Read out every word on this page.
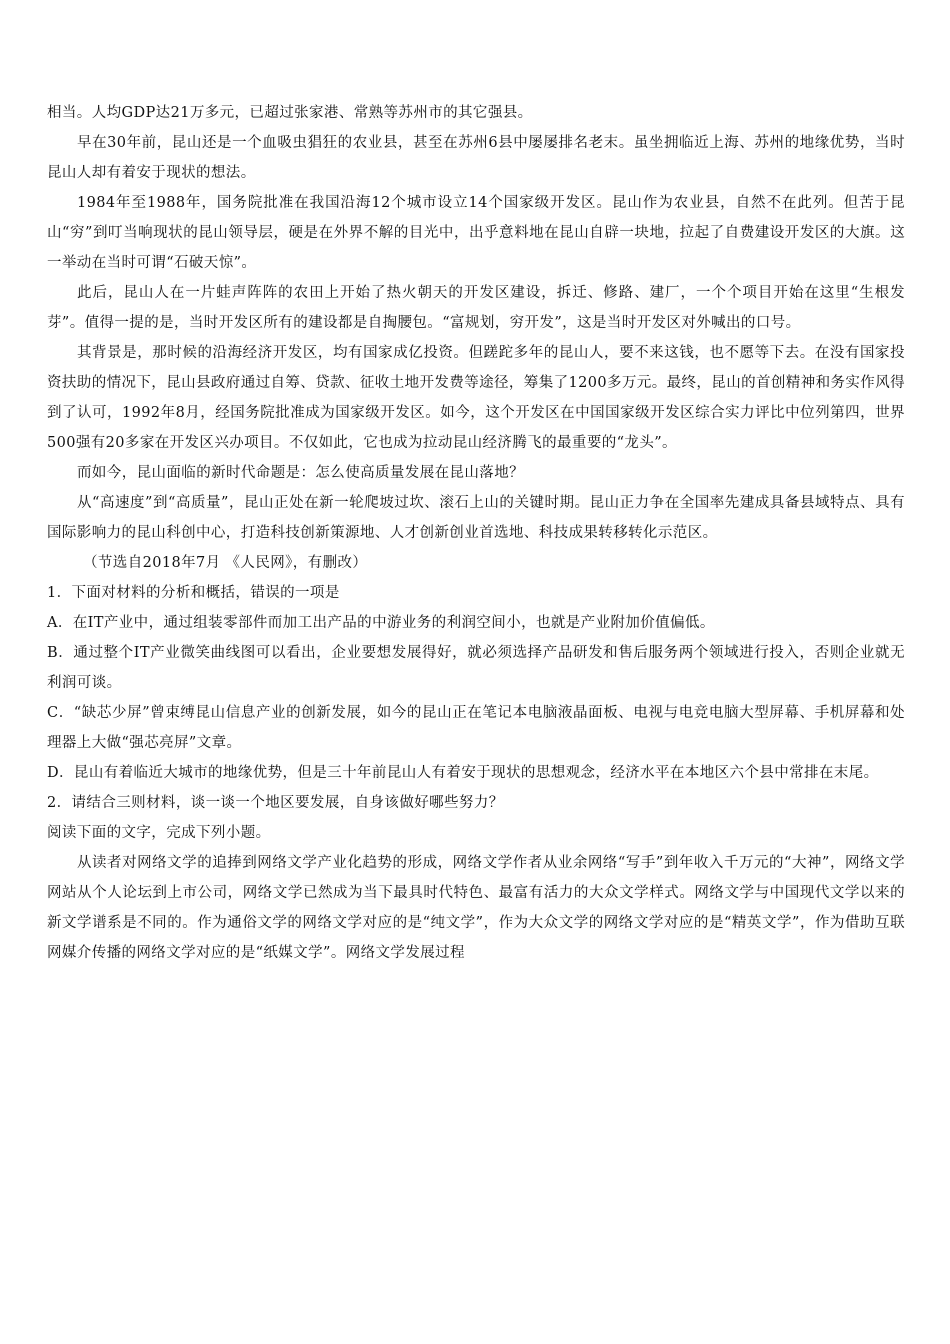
相当。人均GDP达21万多元，已超过张家港、常熟等苏州市的其它强县。

早在30年前，昆山还是一个血吸虫猖狂的农业县，甚至在苏州6县中屡屡排名老末。虽坐拥临近上海、苏州的地缘优势，当时昆山人却有着安于现状的想法。

1984年至1988年，国务院批准在我国沿海12个城市设立14个国家级开发区。昆山作为农业县，自然不在此列。但苦于昆山“穷”到叮当响现状的昆山领导层，硬是在外界不解的目光中，出乎意料地在昆山自辟一块地，拉起了自费建设开发区的大旗。这一举动在当时可谓“石破天惊”。

此后，昆山人在一片蛙声阵阵的农田上开始了热火朝天的开发区建设，拆迁、修路、建厂，一个个项目开始在这里“生根发芽”。值得一提的是，当时开发区所有的建设都是自掏腰包。“富规划，穷开发”，这是当时开发区对外喊出的口号。

其背景是，那时候的沿海经济开发区，均有国家成亿投资。但蹉跎多年的昆山人，要不来这钱，也不愿等下去。在没有国家投资扶助的情况下，昆山县政府通过自筹、贷款、征收土地开发费等途径，筹集了1200多万元。最终，昆山的首创精神和务实作风得到了认可，1992年8月，经国务院批准成为国家级开发区。如今，这个开发区在中国国家级开发区综合实力评比中位列第四，世界500强有20多家在开发区兴办项目。不仅如此，它也成为拉动昆山经济腾飞的最重要的“龙头”。

而如今，昆山面临的新时代命题是：怎么使高质量发展在昆山落地？

从“高速度”到“高质量”，昆山正处在新一轮爬坡过坎、滚石上山的关键时期。昆山正力争在全国率先建成具备县域特点、具有国际影响力的昆山科创中心，打造科技创新策源地、人才创新创业首选地、科技成果转移转化示范区。

（节选自2018年7月 《人民网》，有删改）

1．下面对材料的分析和概括，错误的一项是

A．在IT产业中，通过组装零部件而加工出产品的中游业务的利润空间小，也就是产业附加价值偏低。

B．通过整个IT产业微笑曲线图可以看出，企业要想发展得好，就必须选择产品研发和售后服务两个领域进行投入，否则企业就无利润可谈。

C．“缺芯少屏”曾束缚昆山信息产业的创新发展，如今的昆山正在笔记本电脑液晶面板、电视与电竞电脑大型屏幕、手机屏幕和处理器上大做“强芯亮屏”文章。

D．昆山有着临近大城市的地缘优势，但是三十年前昆山人有着安于现状的思想观念，经济水平在本地区六个县中常排在末尾。

2．请结合三则材料，谈一谈一个地区要发展，自身该做好哪些努力？

阅读下面的文字，完成下列小题。

从读者对网络文学的追捧到网络文学产业化趋势的形成，网络文学作者从业余网络“写手”到年收入千万元的“大神”，网络文学网站从个人论坛到上市公司，网络文学已然成为当下最具时代特色、最富有活力的大众文学样式。网络文学与中国现代文学以来的新文学谱系是不同的。作为通俗文学的网络文学对应的是“纯文学”，作为大众文学的网络文学对应的是“精英文学”，作为借助互联网媒介传播的网络文学对应的是“纸媒文学”。网络文学发展过程
